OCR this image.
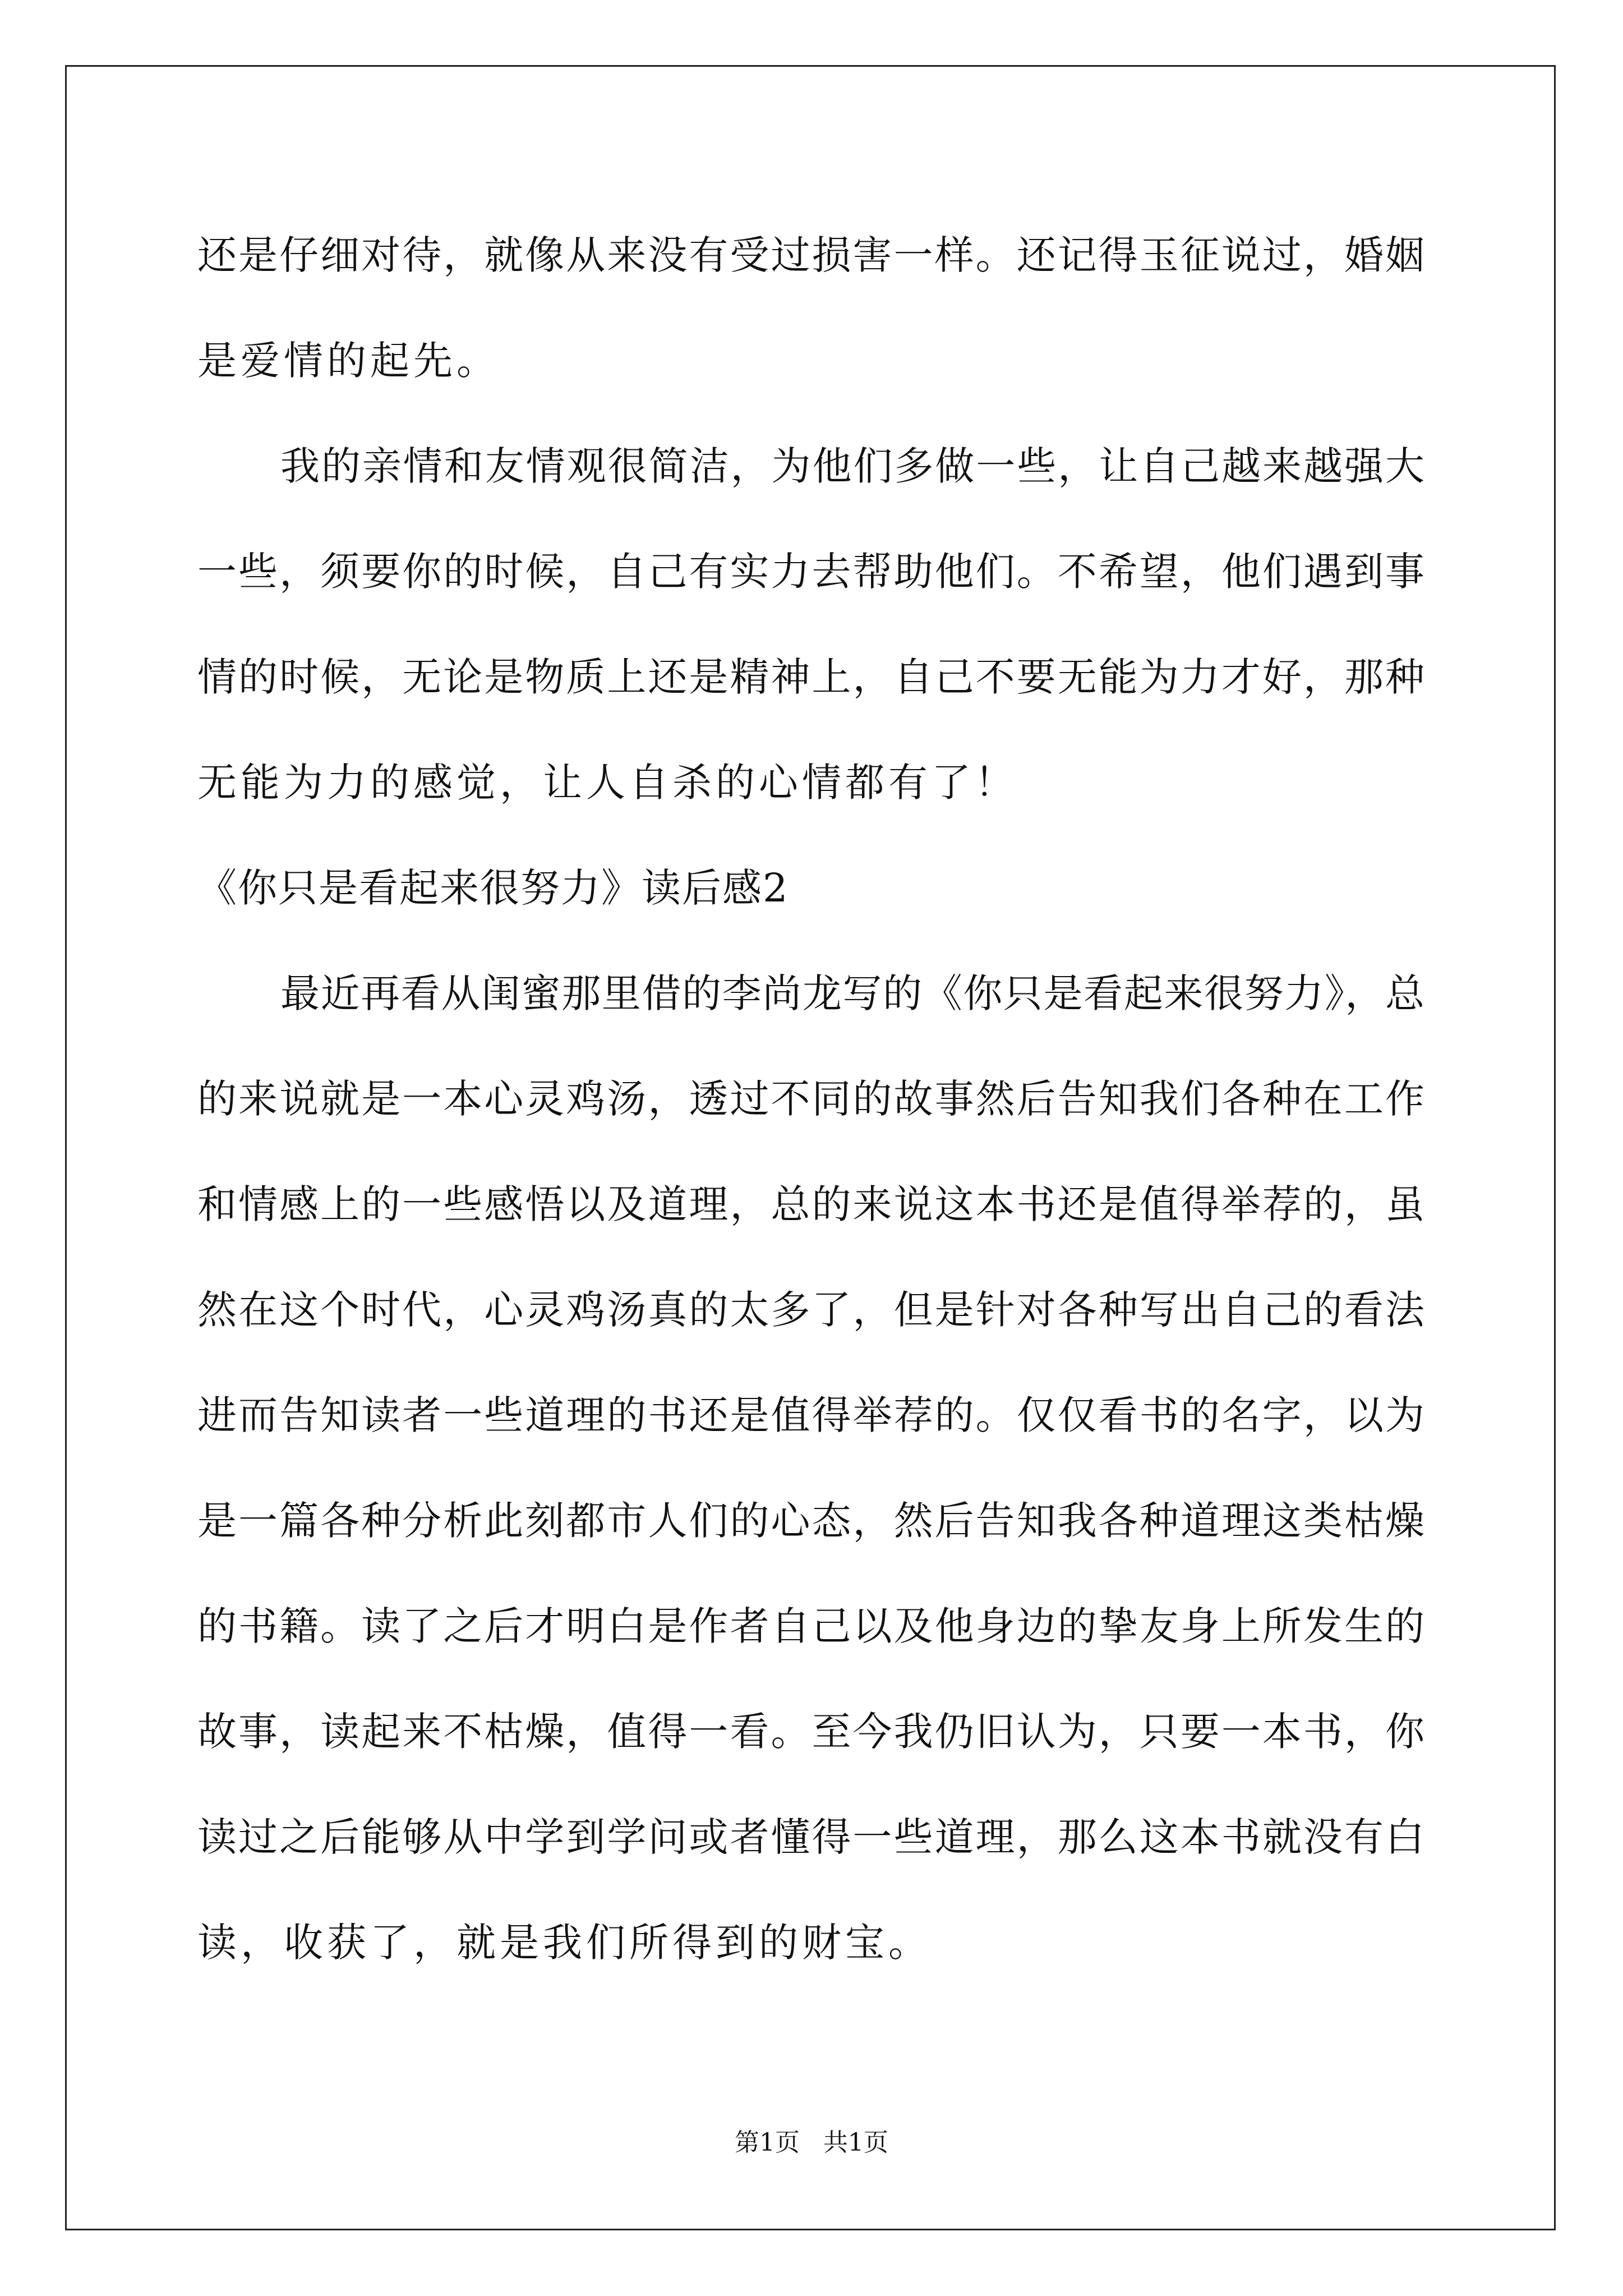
还是仔细对待，就像从来没有受过损害一样。还记得玉征说过，婚姻
是爱情的起先。
我的亲情和友情观很简洁，为他们多做一些，让自己越来越强大
一些，须要你的时候，自己有实力去帮助他们。不希望，他们遇到事
情的时候，无论是物质上还是精神上，自己不要无能为力才好，那种
无能为力的感觉，让人自杀的心情都有了！
《你只是看起来很努力》读后感2
最近再看从闺蜜那里借的李尚龙写的《你只是看起来很努力》，总
的来说就是一本心灵鸡汤，透过不同的故事然后告知我们各种在工作
和情感上的一些感悟以及道理，总的来说这本书还是值得举荐的，虽
然在这个时代，心灵鸡汤真的太多了，但是针对各种写出自己的看法
进而告知读者一些道理的书还是值得举荐的。仅仅看书的名字，以为
是一篇各种分析此刻都市人们的心态，然后告知我各种道理这类枯燥
的书籍。读了之后才明白是作者自己以及他身边的挚友身上所发生的
故事，读起来不枯燥，值得一看。至今我仍旧认为，只要一本书，你
读过之后能够从中学到学问或者懂得一些道理，那么这本书就没有白
读，收获了，就是我们所得到的财宝。
第1页   共1页
